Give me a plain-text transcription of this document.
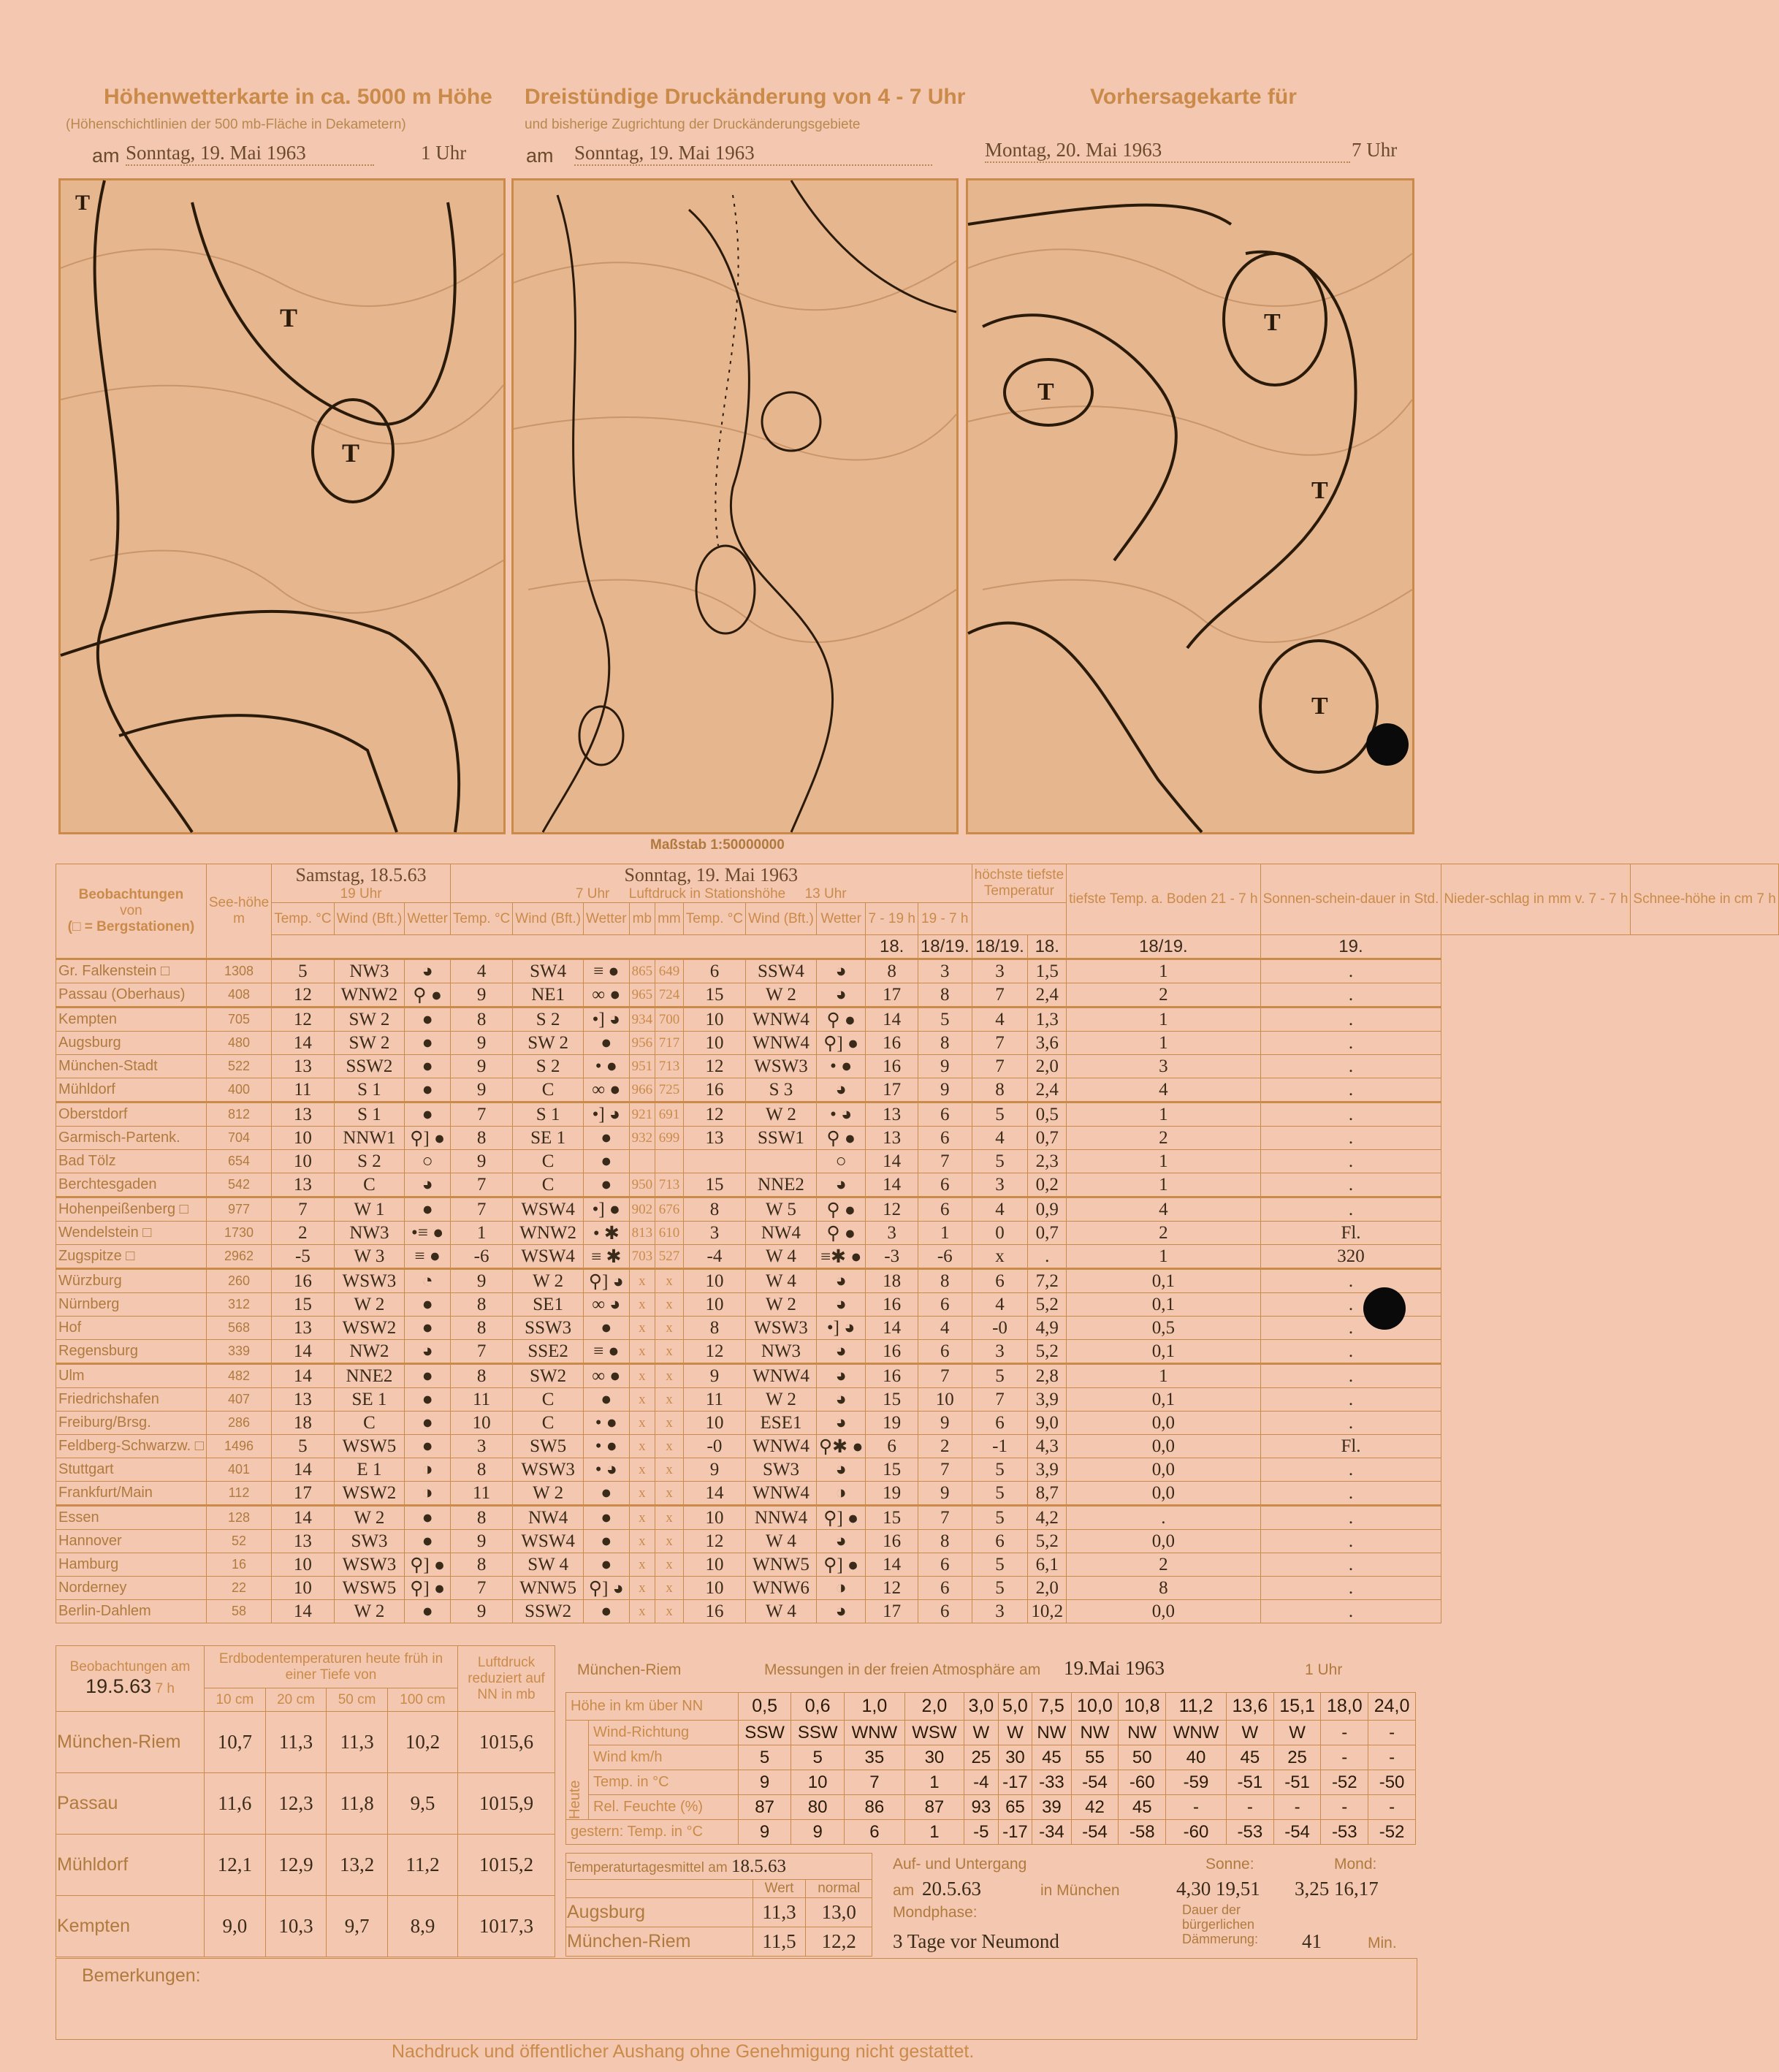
Höhenwetterkarte in ca. 5000 m Höhe
(Höhenschichtlinien der 500 mb-Fläche in Dekametern)
am Sonntag, 19. Mai 1963	1 Uhr
Dreistündige Druckänderung von 4 - 7 Uhr
und bisherige Zugrichtung der Druckänderungsgebiete
am Sonntag, 19. Mai 1963
Vorhersagekarte für
Montag, 20. Mai 1963	7 Uhr
T
T
T
T
T
T
T
Maßstab 1:50000000
Beobachtungen
von
(□ = Bergstationen)	See-höhe
m	Samstag, 18.5.63
19 Uhr			Sonntag, 19. Mai 1963
7 Uhr Luftdruck in Stationshöhe 13 Uhr										höchste tiefste
Temperatur		tiefste Temp. a. Boden 21 - 7 h	Sonnen-schein-dauer in Std.	Nieder-schlag in mm v. 7 - 7 h	Schnee-höhe in cm 7 h
		Temp. °C	Wind (Bft.)	Wetter	Temp. °C	Wind (Bft.)	Wetter	mb	mm	Temp. °C	Wind (Bft.)	Wetter	7 - 19 h	19 - 7 h						
													18.	18/19.	18/19.	18.	18/19.	19.		
Gr. Falkenstein □	1308	5	NW3	◕	4	SW4	≡ ●	865	649	6	SSW4	◕	8	3	3	1,5	1	.		
Passau (Oberhaus)	408	12	WNW2	⚲ ●	9	NE1	∞ ●	965	724	15	W 2	◕	17	8	7	2,4	2	.		
Kempten	705	12	SW 2	●	8	S 2	•] ◕	934	700	10	WNW4	⚲ ●	14	5	4	1,3	1	.		
Augsburg	480	14	SW 2	●	9	SW 2	●	956	717	10	WNW4	⚲] ●	16	8	7	3,6	1	.		
München-Stadt	522	13	SSW2	●	9	S 2	• ●	951	713	12	WSW3	• ●	16	9	7	2,0	3	.		
Mühldorf	400	11	S 1	●	9	C	∞ ●	966	725	16	S 3	◕	17	9	8	2,4	4	.		
Oberstdorf	812	13	S 1	●	7	S 1	•] ◕	921	691	12	W 2	• ◕	13	6	5	0,5	1	.		
Garmisch-Partenk.	704	10	NNW1	⚲] ●	8	SE 1	●	932	699	13	SSW1	⚲ ●	13	6	4	0,7	2	.		
Bad Tölz	654	10	S 2	○	9	C	●					○	14	7	5	2,3	1	.		
Berchtesgaden	542	13	C	◕	7	C	●	950	713	15	NNE2	◕	14	6	3	0,2	1	.		
Hohenpeißenberg □	977	7	W 1	●	7	WSW4	•] ●	902	676	8	W 5	⚲ ●	12	6	4	0,9	4	.		
Wendelstein □	1730	2	NW3	•≡ ●	1	WNW2	• ✱	813	610	3	NW4	⚲ ●	3	1	0	0,7	2	Fl.		
Zugspitze □	2962	-5	W 3	≡ ●	-6	WSW4	≡ ✱	703	527	-4	W 4	≡✱ ●	-3	-6	x	.	1	320		
Würzburg	260	16	WSW3	◔	9	W 2	⚲] ◕	x	x	10	W 4	◕	18	8	6	7,2	0,1	.		
Nürnberg	312	15	W 2	●	8	SE1	∞ ◕	x	x	10	W 2	◕	16	6	4	5,2	0,1	.		
Hof	568	13	WSW2	●	8	SSW3	●	x	x	8	WSW3	•] ◕	14	4	-0	4,9	0,5	.		
Regensburg	339	14	NW2	◕	7	SSE2	≡ ●	x	x	12	NW3	◕	16	6	3	5,2	0,1	.		
Ulm	482	14	NNE2	●	8	SW2	∞ ●	x	x	9	WNW4	◕	16	7	5	2,8	1	.		
Friedrichshafen	407	13	SE 1	●	11	C	●	x	x	11	W 2	◕	15	10	7	3,9	0,1	.		
Freiburg/Brsg.	286	18	C	●	10	C	• ●	x	x	10	ESE1	◕	19	9	6	9,0	0,0	.		
Feldberg-Schwarzw. □	1496	5	WSW5	●	3	SW5	• ●	x	x	-0	WNW4	⚲✱ ●	6	2	-1	4,3	0,0	Fl.		
Stuttgart	401	14	E 1	◑	8	WSW3	• ◕	x	x	9	SW3	◕	15	7	5	3,9	0,0	.		
Frankfurt/Main	112	17	WSW2	◑	11	W 2	●	x	x	14	WNW4	◑	19	9	5	8,7	0,0	.		
Essen	128	14	W 2	●	8	NW4	●	x	x	10	NNW4	⚲] ●	15	7	5	4,2	.	.		
Hannover	52	13	SW3	●	9	WSW4	●	x	x	12	W 4	◕	16	8	6	5,2	0,0	.		
Hamburg	16	10	WSW3	⚲] ●	8	SW 4	●	x	x	10	WNW5	⚲] ●	14	6	5	6,1	2	.		
Norderney	22	10	WSW5	⚲] ●	7	WNW5	⚲] ◕	x	x	10	WNW6	◑	12	6	5	2,0	8	.		
Berlin-Dahlem	58	14	W 2	●	9	SSW2	●	x	x	16	W 4	◕	17	6	3	10,2	0,0	.		
Beobachtungen am
19.5.63 7 h	Erdbodentemperaturen heute früh in einer Tiefe von				Luftdruck reduziert auf NN in mb
	10 cm	20 cm	50 cm	100 cm	
München-Riem	10,7	11,3	11,3	10,2	1015,6
Passau	11,6	12,3	11,8	9,5	1015,9
Mühldorf	12,1	12,9	13,2	11,2	1015,2
Kempten	9,0	10,3	9,7	8,9	1017,3
München-Riem	Messungen in der freien Atmosphäre am 19.Mai 1963	1 Uhr
Höhe in km über NN		0,5	0,6	1,0	2,0	3,0	5,0	7,5	10,0	10,8	11,2	13,6	15,1	18,0	24,0
Heute	Wind-Richtung	SSW	SSW	WNW	WSW	W	W	NW	NW	NW	WNW	W	W	-	-
	Wind km/h	5	5	35	30	25	30	45	55	50	40	45	25	-	-
	Temp. in °C	9	10	7	1	-4	-17	-33	-54	-60	-59	-51	-51	-52	-50
	Rel. Feuchte (%)	87	80	86	87	93	65	39	42	45	-	-	-	-	-
gestern: Temp. in °C		9	9	6	1	-5	-17	-34	-54	-58	-60	-53	-54	-53	-52
Temperaturtagesmittel am 18.5.63		
	Wert	normal
Augsburg	11,3	13,0
München-Riem	11,5	12,2
Auf- und Untergang
am 20.5.63	in München
Sonne:
4,30 19,51
Mond:
3,25 16,17
Mondphase:
3 Tage vor Neumond
Dauer der bürgerlichen Dämmerung:	41	Min.
Bemerkungen:
Nachdruck und öffentlicher Aushang ohne Genehmigung nicht gestattet.
